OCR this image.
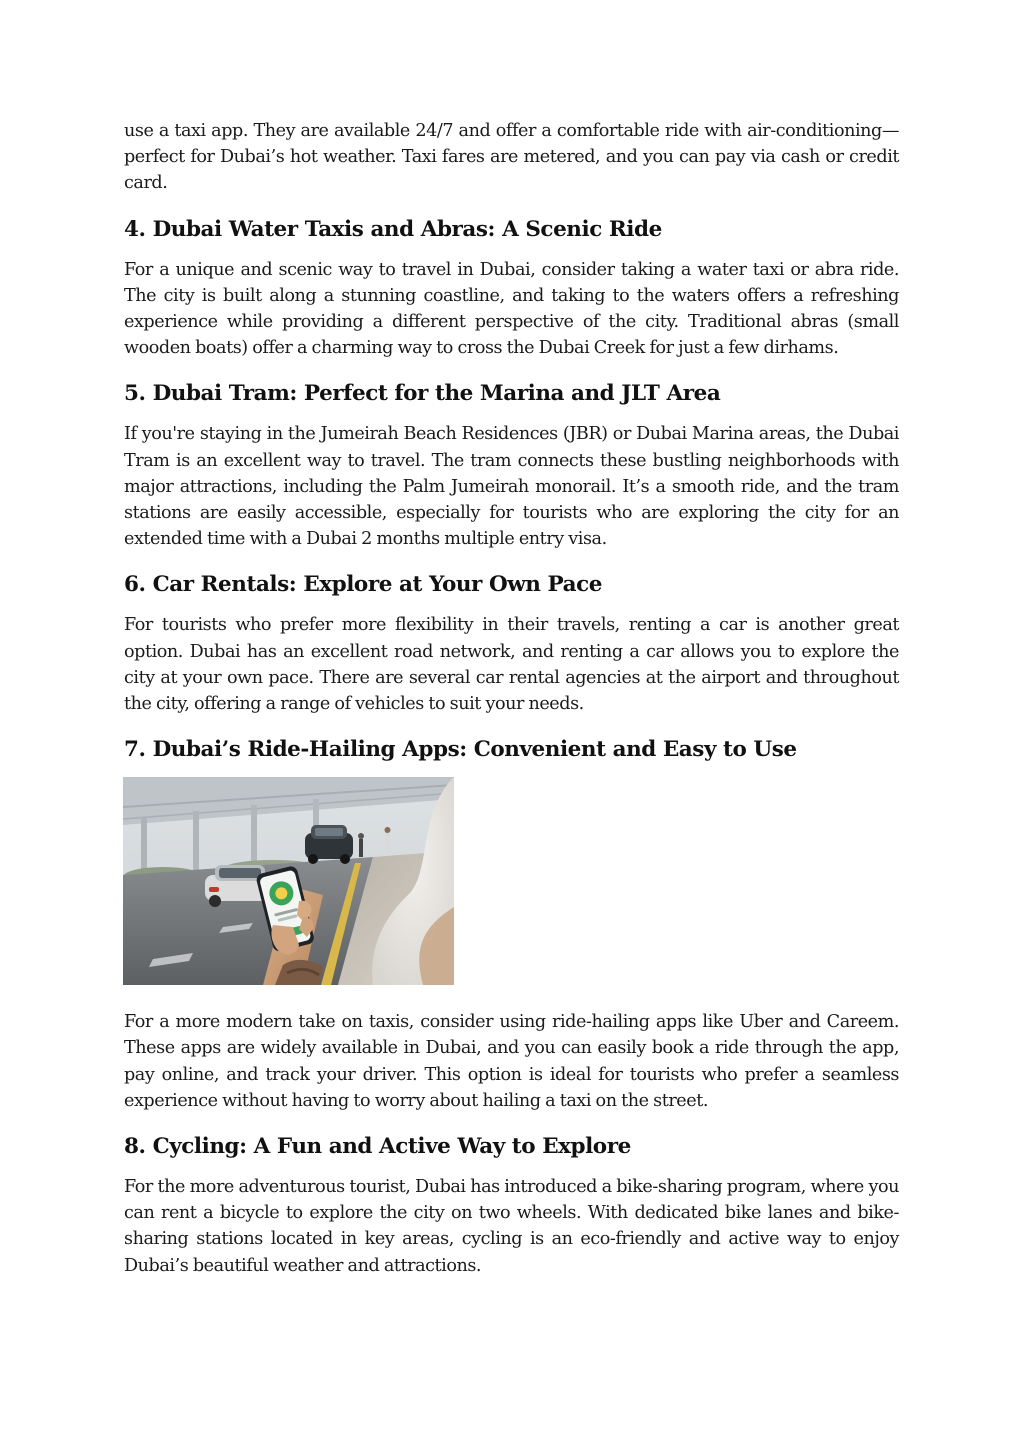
use a taxi app. They are available 24/7 and offer a comfortable ride with air-conditioning—perfect for Dubai’s hot weather. Taxi fares are metered, and you can pay via cash or credit card.

4. Dubai Water Taxis and Abras: A Scenic Ride

For a unique and scenic way to travel in Dubai, consider taking a water taxi or abra ride. The city is built along a stunning coastline, and taking to the waters offers a refreshing experience while providing a different perspective of the city. Traditional abras (small wooden boats) offer a charming way to cross the Dubai Creek for just a few dirhams.

5. Dubai Tram: Perfect for the Marina and JLT Area

If you're staying in the Jumeirah Beach Residences (JBR) or Dubai Marina areas, the Dubai Tram is an excellent way to travel. The tram connects these bustling neighborhoods with major attractions, including the Palm Jumeirah monorail. It’s a smooth ride, and the tram stations are easily accessible, especially for tourists who are exploring the city for an extended time with a Dubai 2 months multiple entry visa.

6. Car Rentals: Explore at Your Own Pace

For tourists who prefer more flexibility in their travels, renting a car is another great option. Dubai has an excellent road network, and renting a car allows you to explore the city at your own pace. There are several car rental agencies at the airport and throughout the city, offering a range of vehicles to suit your needs.

7. Dubai’s Ride-Hailing Apps: Convenient and Easy to Use

For a more modern take on taxis, consider using ride-hailing apps like Uber and Careem. These apps are widely available in Dubai, and you can easily book a ride through the app, pay online, and track your driver. This option is ideal for tourists who prefer a seamless experience without having to worry about hailing a taxi on the street.

8. Cycling: A Fun and Active Way to Explore

For the more adventurous tourist, Dubai has introduced a bike-sharing program, where you can rent a bicycle to explore the city on two wheels. With dedicated bike lanes and bike-sharing stations located in key areas, cycling is an eco-friendly and active way to enjoy Dubai’s beautiful weather and attractions.
